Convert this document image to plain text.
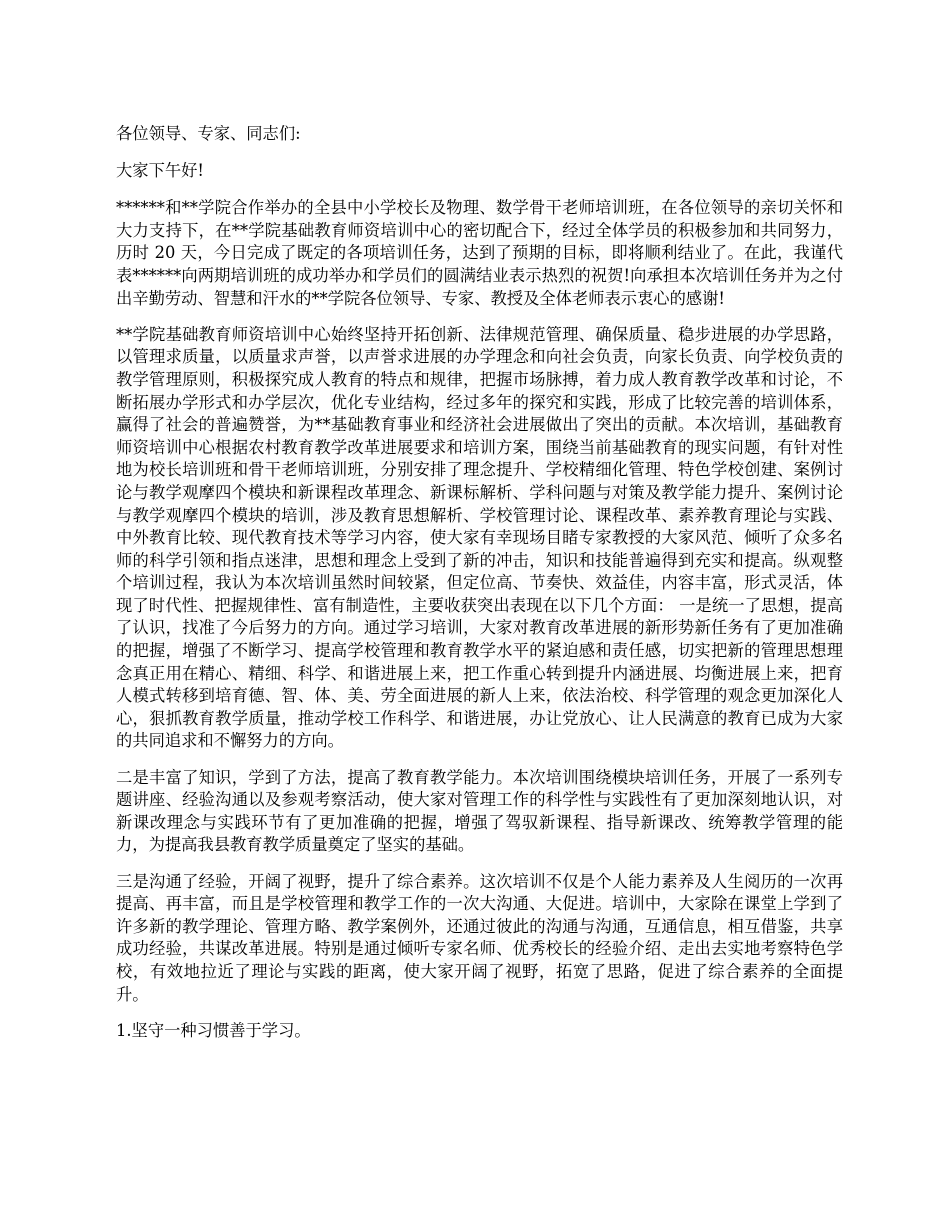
各位领导、专家、同志们:

大家下午好!

******和**学院合作举办的全县中小学校长及物理、数学骨干老师培训班，在各位领导的亲切关怀和大力支持下，在**学院基础教育师资培训中心的密切配合下，经过全体学员的积极参加和共同努力，历时 20 天，今日完成了既定的各项培训任务，达到了预期的目标，即将顺利结业了。在此，我谨代表******向两期培训班的成功举办和学员们的圆满结业表示热烈的祝贺!向承担本次培训任务并为之付出辛勤劳动、智慧和汗水的**学院各位领导、专家、教授及全体老师表示衷心的感谢!

**学院基础教育师资培训中心始终坚持开拓创新、法律规范管理、确保质量、稳步进展的办学思路，以管理求质量，以质量求声誉，以声誉求进展的办学理念和向社会负责，向家长负责、向学校负责的教学管理原则，积极探究成人教育的特点和规律，把握市场脉搏，着力成人教育教学改革和讨论，不断拓展办学形式和办学层次，优化专业结构，经过多年的探究和实践，形成了比较完善的培训体系，赢得了社会的普遍赞誉，为**基础教育事业和经济社会进展做出了突出的贡献。本次培训，基础教育师资培训中心根据农村教育教学改革进展要求和培训方案，围绕当前基础教育的现实问题，有针对性地为校长培训班和骨干老师培训班，分别安排了理念提升、学校精细化管理、特色学校创建、案例讨论与教学观摩四个模块和新课程改革理念、新课标解析、学科问题与对策及教学能力提升、案例讨论与教学观摩四个模块的培训，涉及教育思想解析、学校管理讨论、课程改革、素养教育理论与实践、中外教育比较、现代教育技术等学习内容，使大家有幸现场目睹专家教授的大家风范、倾听了众多名师的科学引领和指点迷津，思想和理念上受到了新的冲击，知识和技能普遍得到充实和提高。纵观整个培训过程，我认为本次培训虽然时间较紧，但定位高、节奏快、效益佳，内容丰富，形式灵活，体现了时代性、把握规律性、富有制造性，主要收获突出表现在以下几个方面： 一是统一了思想，提高了认识，找准了今后努力的方向。通过学习培训，大家对教育改革进展的新形势新任务有了更加准确的把握，增强了不断学习、提高学校管理和教育教学水平的紧迫感和责任感，切实把新的管理思想理念真正用在精心、精细、科学、和谐进展上来，把工作重心转到提升内涵进展、均衡进展上来，把育人模式转移到培育德、智、体、美、劳全面进展的新人上来，依法治校、科学管理的观念更加深化人心，狠抓教育教学质量，推动学校工作科学、和谐进展，办让党放心、让人民满意的教育已成为大家的共同追求和不懈努力的方向。

二是丰富了知识，学到了方法，提高了教育教学能力。本次培训围绕模块培训任务，开展了一系列专题讲座、经验沟通以及参观考察活动，使大家对管理工作的科学性与实践性有了更加深刻地认识，对新课改理念与实践环节有了更加准确的把握，增强了驾驭新课程、指导新课改、统筹教学管理的能力，为提高我县教育教学质量奠定了坚实的基础。

三是沟通了经验，开阔了视野，提升了综合素养。这次培训不仅是个人能力素养及人生阅历的一次再提高、再丰富，而且是学校管理和教学工作的一次大沟通、大促进。培训中，大家除在课堂上学到了许多新的教学理论、管理方略、教学案例外，还通过彼此的沟通与沟通，互通信息，相互借鉴，共享成功经验，共谋改革进展。特别是通过倾听专家名师、优秀校长的经验介绍、走出去实地考察特色学校，有效地拉近了理论与实践的距离，使大家开阔了视野，拓宽了思路，促进了综合素养的全面提升。

1.坚守一种习惯善于学习。
